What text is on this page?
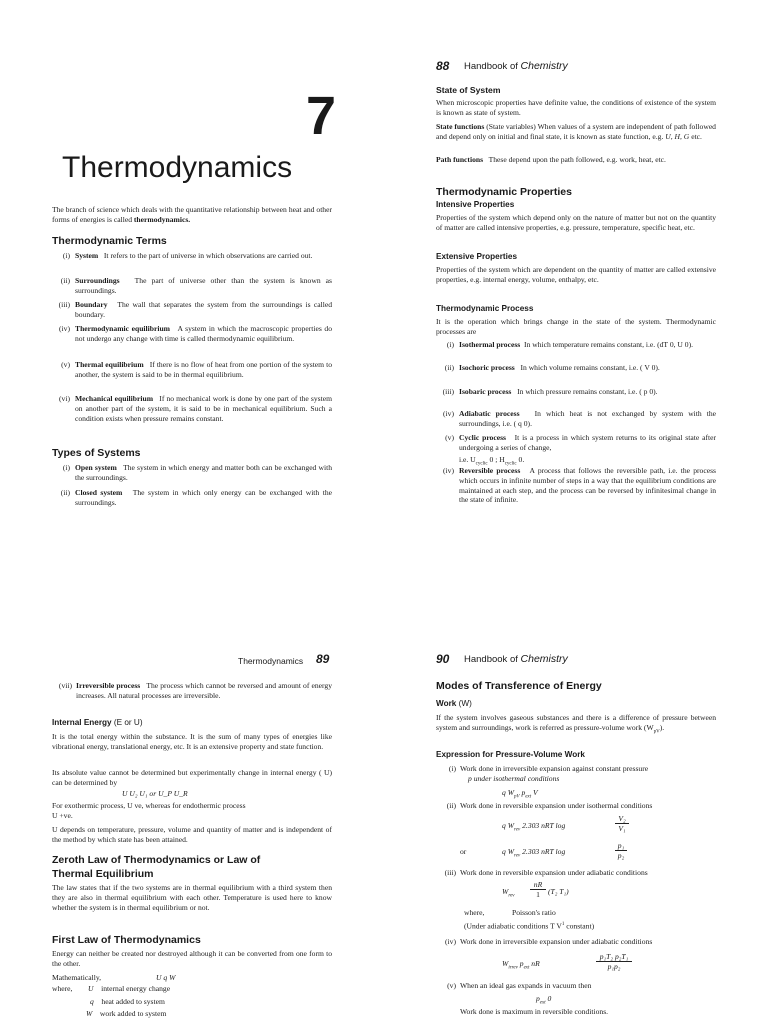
7
Thermodynamics
The branch of science which deals with the quantitative relationship between heat and other forms of energies is called thermodynamics.
Thermodynamic Terms
(i) System It refers to the part of universe in which observations are carried out.
(ii) Surroundings The part of universe other than the system is known as surroundings.
(iii) Boundary The wall that separates the system from the surroundings is called boundary.
(iv) Thermodynamic equilibrium A system in which the macroscopic properties do not undergo any change with time is called thermodynamic equilibrium.
(v) Thermal equilibrium If there is no flow of heat from one portion of the system to another, the system is said to be in thermal equilibrium.
(vi) Mechanical equilibrium If no mechanical work is done by one part of the system on another part of the system, it is said to be in mechanical equilibrium. Such a condition exists when pressure remains constant.
Types of Systems
(i) Open system The system in which energy and matter both can be exchanged with the surroundings.
(ii) Closed system The system in which only energy can be exchanged with the surroundings.
88 Handbook of Chemistry
State of System
When microscopic properties have definite value, the conditions of existence of the system is known as state of system.
State functions (State variables) When values of a system are independent of path followed and depend only on initial and final state, it is known as state function, e.g. U, H, G etc.
Path functions These depend upon the path followed, e.g. work, heat, etc.
Thermodynamic Properties
Intensive Properties
Properties of the system which depend only on the nature of matter but not on the quantity of matter are called intensive properties, e.g. pressure, temperature, specific heat, etc.
Extensive Properties
Properties of the system which are dependent on the quantity of matter are called extensive properties, e.g. internal energy, volume, enthalpy, etc.
Thermodynamic Process
It is the operation which brings change in the state of the system. Thermodynamic processes are
(i) Isothermal process In which temperature remains constant, i.e. (dT 0, U 0).
(ii) Isochoric process In which volume remains constant, i.e. ( V 0).
(iii) Isobaric process In which pressure remains constant, i.e. ( p 0).
(iv) Adiabatic process In which heat is not exchanged by system with the surroundings, i.e. ( q 0).
(v) Cyclic process It is a process in which system returns to its original state after undergoing a series of change,
i.e. $U_{cyclic}$ 0 ; $H_{cyclic}$ 0.
(iv) Reversible process A process that follows the reversible path, i.e. the process which occurs in infinite number of steps in a way that the equilibrium conditions are maintained at each step, and the process can be reversed by infinitesimal change in the state of infinite.
Thermodynamics 89
(vii) Irreversible process The process which cannot be reversed and amount of energy increases. All natural processes are irreversible.
Internal Energy (E or U)
It is the total energy within the substance. It is the sum of many types of energies like vibrational energy, translational energy, etc. It is an extensive property and state function.
Its absolute value cannot be determined but experimentally change in internal energy ( U) can be determined by
U U₂ U₁ or U_P U_R
For exothermic process, U ve, whereas for endothermic process
U +ve.
U depends on temperature, pressure, volume and quantity of matter and is independent of the method by which state has been attained.
Zeroth Law of Thermodynamics or Law of
Thermal Equilibrium
The law states that if the two systems are in thermal equilibrium with a third system then they are also in thermal equilibrium with each other. Temperature is used here to know whether the system is in thermal equilibrium or not.
First Law of Thermodynamics
Energy can neither be created nor destroyed although it can be converted from one form to the other.
Mathematically,	U q W
where, U internal energy change
q heat added to system
W work added to system
90 Handbook of Chemistry
Modes of Transference of Energy
Work (W)
If the system involves gaseous substances and there is a difference of pressure between system and surroundings, work is referred as pressure-volume work $(W_{pV})$.
Expression for Pressure-Volume Work
(i) Work done in irreversible expansion against constant pressure
p under isothermal conditions
q $W_{pV}$ $p_{ext}$ V
(ii) Work done in reversible expansion under isothermal conditions
q $W_{rev}$ 2.303 nRT log
V₂
V₁
or	q $W_{rev}$ 2.303 nRT log
p₁
p₂
(iii) Work done in reversible expansion under adiabatic conditions
$W_{rev}$
nR
1	(T₂ T₁)
where,	Poisson's ratio
(Under adiabatic conditions T $V^1$ constant)
(iv) Work done in irreversible expansion under adiabatic conditions
$W_{irrev}$ $p_{ext}$ nR
p₁T₂ p₂T₁
p₁p₂
(v) When an ideal gas expands in vacuum then
$p_{ext}$ 0
Work done is maximum in reversible conditions.
